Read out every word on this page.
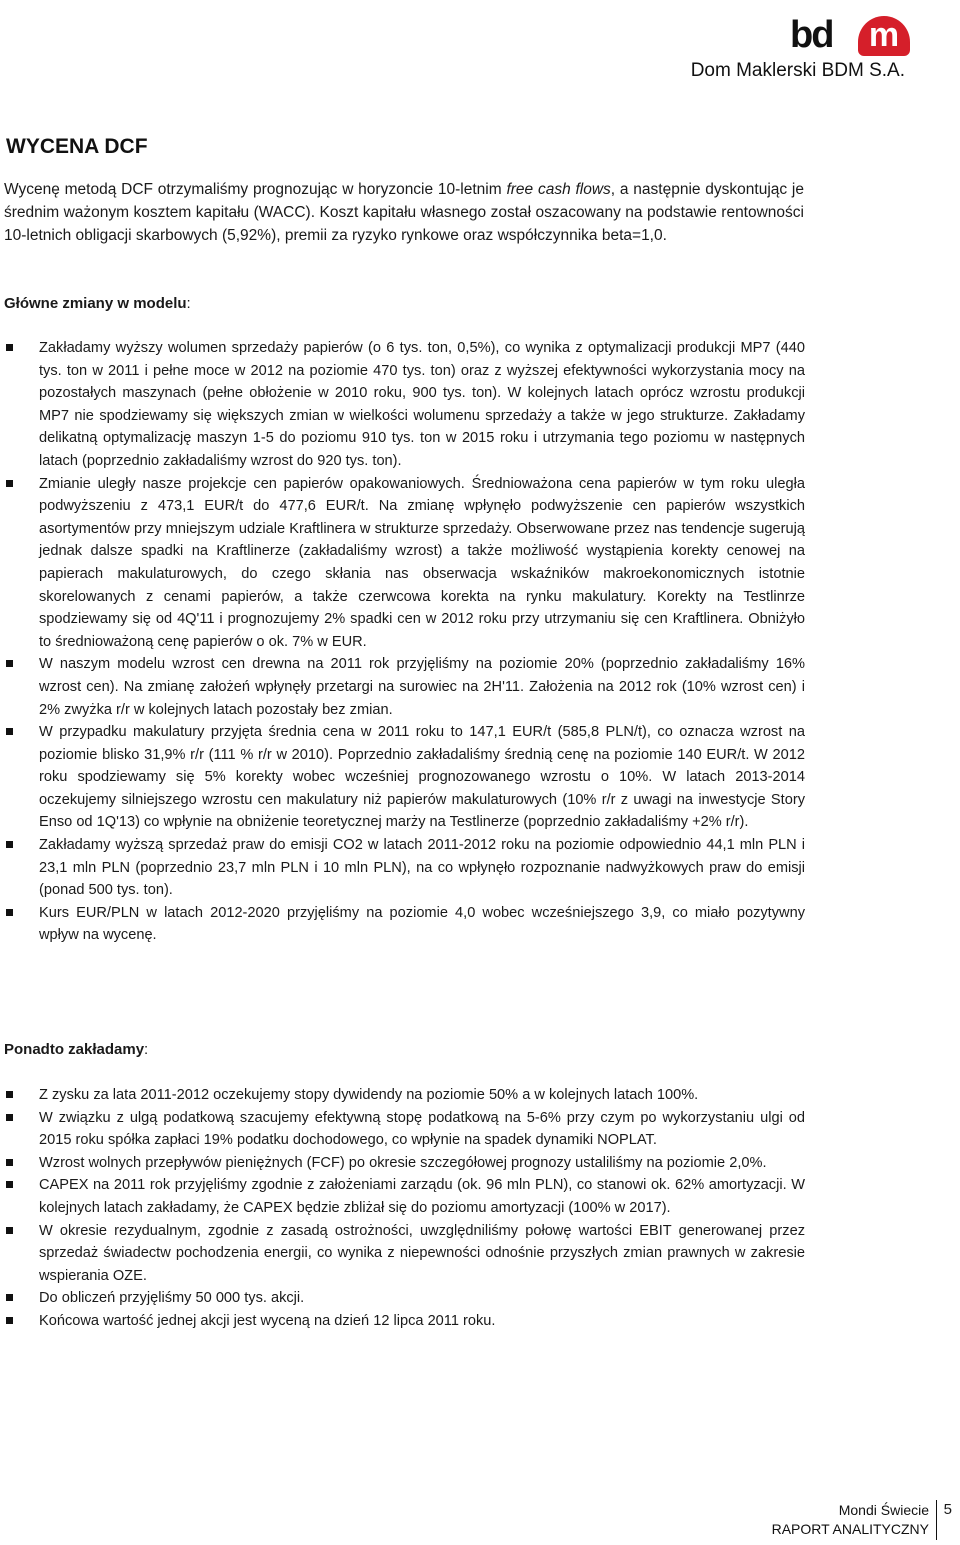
bd	m
Dom Maklerski BDM S.A.
WYCENA DCF

Wycenę metodą DCF otrzymaliśmy prognozując w horyzoncie 10-letnim free cash flows, a następnie dyskontując je średnim ważonym kosztem kapitału (WACC). Koszt kapitału własnego został oszacowany na podstawie rentowności 10-letnich obligacji skarbowych (5,92%), premii za ryzyko rynkowe oraz współczynnika beta=1,0.

Główne zmiany w modelu:

Zakładamy wyższy wolumen sprzedaży papierów (o 6 tys. ton, 0,5%), co wynika z optymalizacji produkcji MP7 (440 tys. ton w 2011 i pełne moce w 2012 na poziomie 470 tys. ton) oraz z wyższej efektywności wykorzystania mocy na pozostałych maszynach (pełne obłożenie w 2010 roku, 900 tys. ton). W kolejnych latach oprócz wzrostu produkcji MP7 nie spodziewamy się większych zmian w wielkości wolumenu sprzedaży a także w jego strukturze. Zakładamy delikatną optymalizację maszyn 1-5 do poziomu 910 tys. ton w 2015 roku i utrzymania tego poziomu w następnych latach (poprzednio zakładaliśmy wzrost do 920 tys. ton).
Zmianie uległy nasze projekcje cen papierów opakowaniowych. Średnioważona cena papierów w tym roku uległa podwyższeniu z 473,1 EUR/t do 477,6 EUR/t. Na zmianę wpłynęło podwyższenie cen papierów wszystkich asortymentów przy mniejszym udziale Kraftlinera w strukturze sprzedaży. Obserwowane przez nas tendencje sugerują jednak dalsze spadki na Kraftlinerze (zakładaliśmy wzrost) a także możliwość wystąpienia korekty cenowej na papierach makulaturowych, do czego skłania nas obserwacja wskaźników makroekonomicznych istotnie skorelowanych z cenami papierów, a także czerwcowa korekta na rynku makulatury. Korekty na Testlinrze spodziewamy się od 4Q'11 i prognozujemy 2% spadki cen w 2012 roku przy utrzymaniu się cen Kraftlinera. Obniżyło to średnioważoną cenę papierów o ok. 7% w EUR.
W naszym modelu wzrost cen drewna na 2011 rok przyjęliśmy na poziomie 20% (poprzednio zakładaliśmy 16% wzrost cen). Na zmianę założeń wpłynęły przetargi na surowiec na 2H'11. Założenia na 2012 rok (10% wzrost cen) i 2% zwyżka r/r w kolejnych latach pozostały bez zmian.
W przypadku makulatury przyjęta średnia cena w 2011 roku to 147,1 EUR/t (585,8 PLN/t), co oznacza wzrost na poziomie blisko 31,9% r/r (111 % r/r w 2010). Poprzednio zakładaliśmy średnią cenę na poziomie 140 EUR/t. W 2012 roku spodziewamy się 5% korekty wobec wcześniej prognozowanego wzrostu o 10%. W latach 2013-2014 oczekujemy silniejszego wzrostu cen makulatury niż papierów makulaturowych (10% r/r z uwagi na inwestycje Story Enso od 1Q'13) co wpłynie na obniżenie teoretycznej marży na Testlinerze (poprzednio zakładaliśmy +2% r/r).
Zakładamy wyższą sprzedaż praw do emisji CO2 w latach 2011-2012 roku na poziomie odpowiednio 44,1 mln PLN i 23,1 mln PLN (poprzednio 23,7 mln PLN i 10 mln PLN), na co wpłynęło rozpoznanie nadwyżkowych praw do emisji (ponad 500 tys. ton).
Kurs EUR/PLN w latach 2012-2020 przyjęliśmy na poziomie 4,0 wobec wcześniejszego 3,9, co miało pozytywny wpływ na wycenę.

Ponadto zakładamy:

Z zysku za lata 2011-2012 oczekujemy stopy dywidendy na poziomie 50% a w kolejnych latach 100%.
W związku z ulgą podatkową szacujemy efektywną stopę podatkową na 5-6% przy czym po wykorzystaniu ulgi od 2015 roku spółka zapłaci 19% podatku dochodowego, co wpłynie na spadek dynamiki NOPLAT.
Wzrost wolnych przepływów pieniężnych (FCF) po okresie szczegółowej prognozy ustaliliśmy na poziomie 2,0%.
CAPEX na 2011 rok przyjęliśmy zgodnie z założeniami zarządu (ok. 96 mln PLN), co stanowi ok. 62% amortyzacji. W kolejnych latach zakładamy, że CAPEX będzie zbliżał się do poziomu amortyzacji (100% w 2017).
W okresie rezydualnym, zgodnie z zasadą ostrożności, uwzględniliśmy połowę wartości EBIT generowanej przez sprzedaż świadectw pochodzenia energii, co wynika z niepewności odnośnie przyszłych zmian prawnych w zakresie wspierania OZE.
Do obliczeń przyjęliśmy 50 000 tys. akcji.
Końcowa wartość jednej akcji jest wyceną na dzień 12 lipca 2011 roku.
Mondi Świecie
RAPORT ANALITYCZNY
5
